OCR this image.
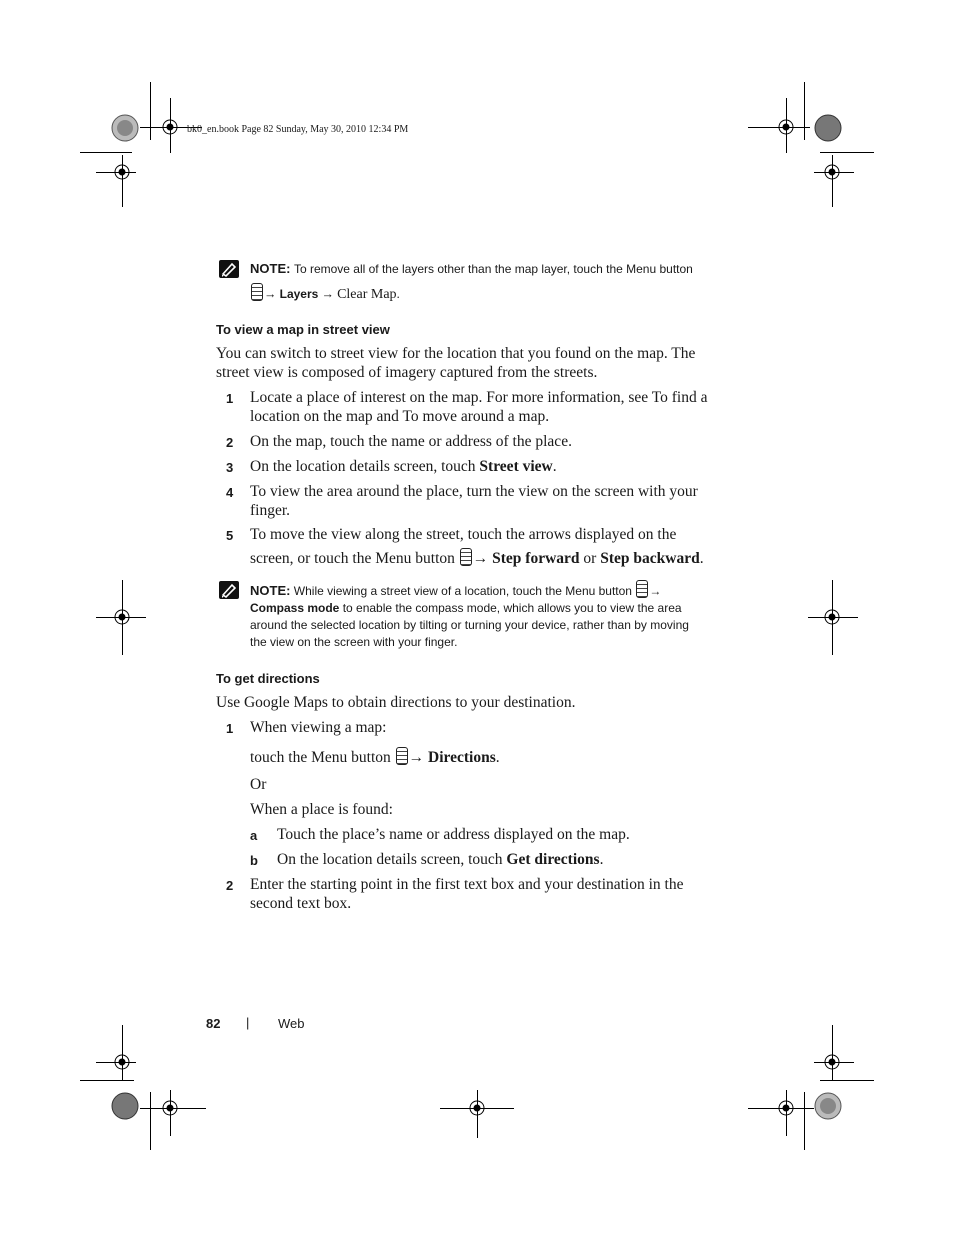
bk0_en.book Page 82 Sunday, May 30, 2010 12:34 PM
NOTE: To remove all of the layers other than the map layer, touch the Menu button
→ Layers → Clear Map.
To view a map in street view
You can switch to street view for the location that you found on the map. The
street view is composed of imagery captured from the streets.
1 Locate a place of interest on the map. For more information, see To find a
location on the map and To move around a map.
2 On the map, touch the name or address of the place.
3 On the location details screen, touch Street view.
4 To view the area around the place, turn the view on the screen with your
finger.
5 To move the view along the street, touch the arrows displayed on the
screen, or touch the Menu button → Step forward or Step backward.
NOTE: While viewing a street view of a location, touch the Menu button →
Compass mode to enable the compass mode, which allows you to view the area
around the selected location by tilting or turning your device, rather than by moving
the view on the screen with your finger.
To get directions
Use Google Maps to obtain directions to your destination.
1 When viewing a map:
touch the Menu button → Directions.
Or
When a place is found:
a Touch the place’s name or address displayed on the map.
b On the location details screen, touch Get directions.
2 Enter the starting point in the first text box and your destination in the
second text box.
82 | Web
